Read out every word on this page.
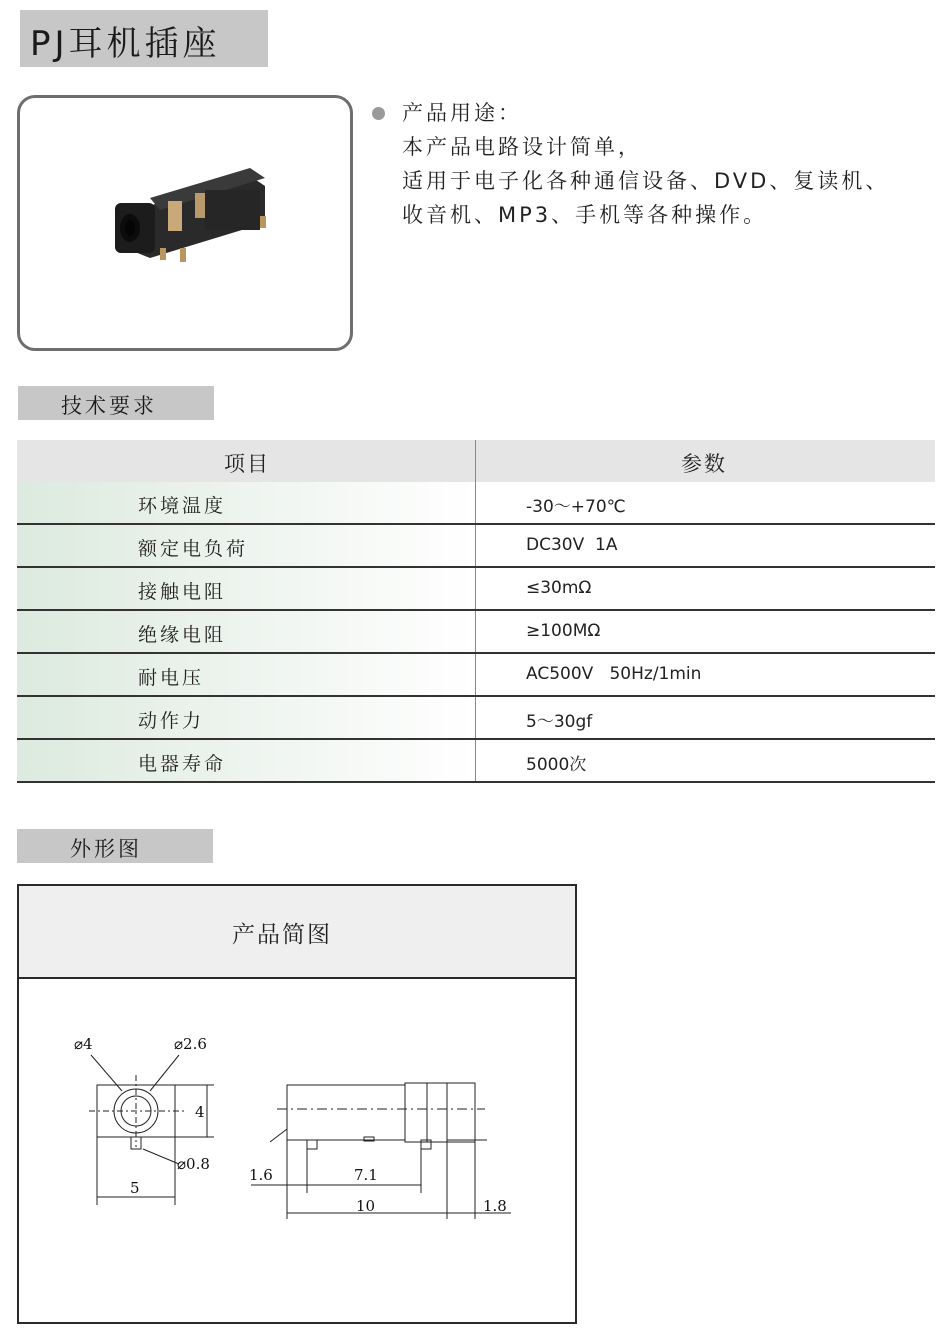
PJ耳机插座
产品用途：
本产品电路设计简单，
适用于电子化各种通信设备、DVD、复读机、
收音机、MP3、手机等各种操作。
技术要求
项目	参数
环境温度	-30～+70℃
额定电负荷	DC30V  1A
接触电阻	≤30mΩ
绝缘电阻	≥100MΩ
耐电压	AC500V   50Hz/1min
动作力	5～30gf
电器寿命	5000次
外形图
产品简图
⌀4	⌀2.6
4
⌀0.8
5
1.6	7.1
10	1.8
